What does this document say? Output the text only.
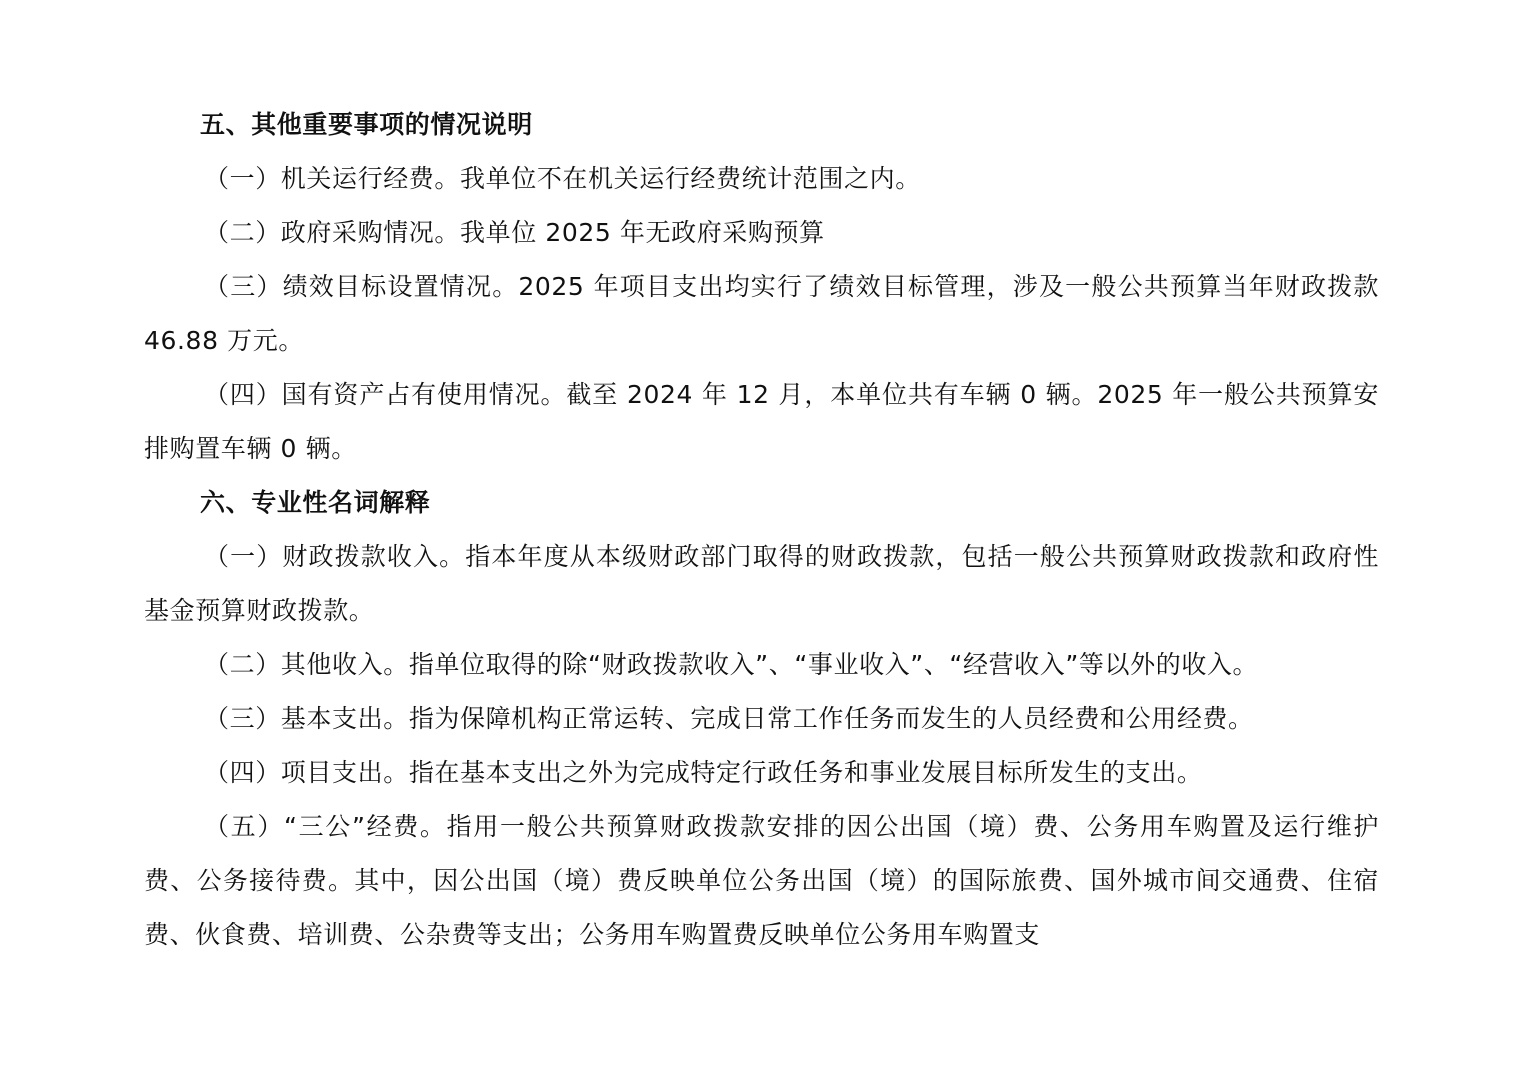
五、其他重要事项的情况说明
（一）机关运行经费。我单位不在机关运行经费统计范围之内。
（二）政府采购情况。我单位 2025 年无政府采购预算
（三）绩效目标设置情况。2025 年项目支出均实行了绩效目标管理，涉及一般公共预算当年财政拨款 46.88 万元。
（四）国有资产占有使用情况。截至 2024 年 12 月，本单位共有车辆 0 辆。2025 年一般公共预算安排购置车辆 0 辆。
六、专业性名词解释
（一）财政拨款收入。指本年度从本级财政部门取得的财政拨款，包括一般公共预算财政拨款和政府性基金预算财政拨款。
（二）其他收入。指单位取得的除“财政拨款收入”、“事业收入”、“经营收入”等以外的收入。
（三）基本支出。指为保障机构正常运转、完成日常工作任务而发生的人员经费和公用经费。
（四）项目支出。指在基本支出之外为完成特定行政任务和事业发展目标所发生的支出。
（五）“三公”经费。指用一般公共预算财政拨款安排的因公出国（境）费、公务用车购置及运行维护费、公务接待费。其中，因公出国（境）费反映单位公务出国（境）的国际旅费、国外城市间交通费、住宿费、伙食费、培训费、公杂费等支出；公务用车购置费反映单位公务用车购置支
